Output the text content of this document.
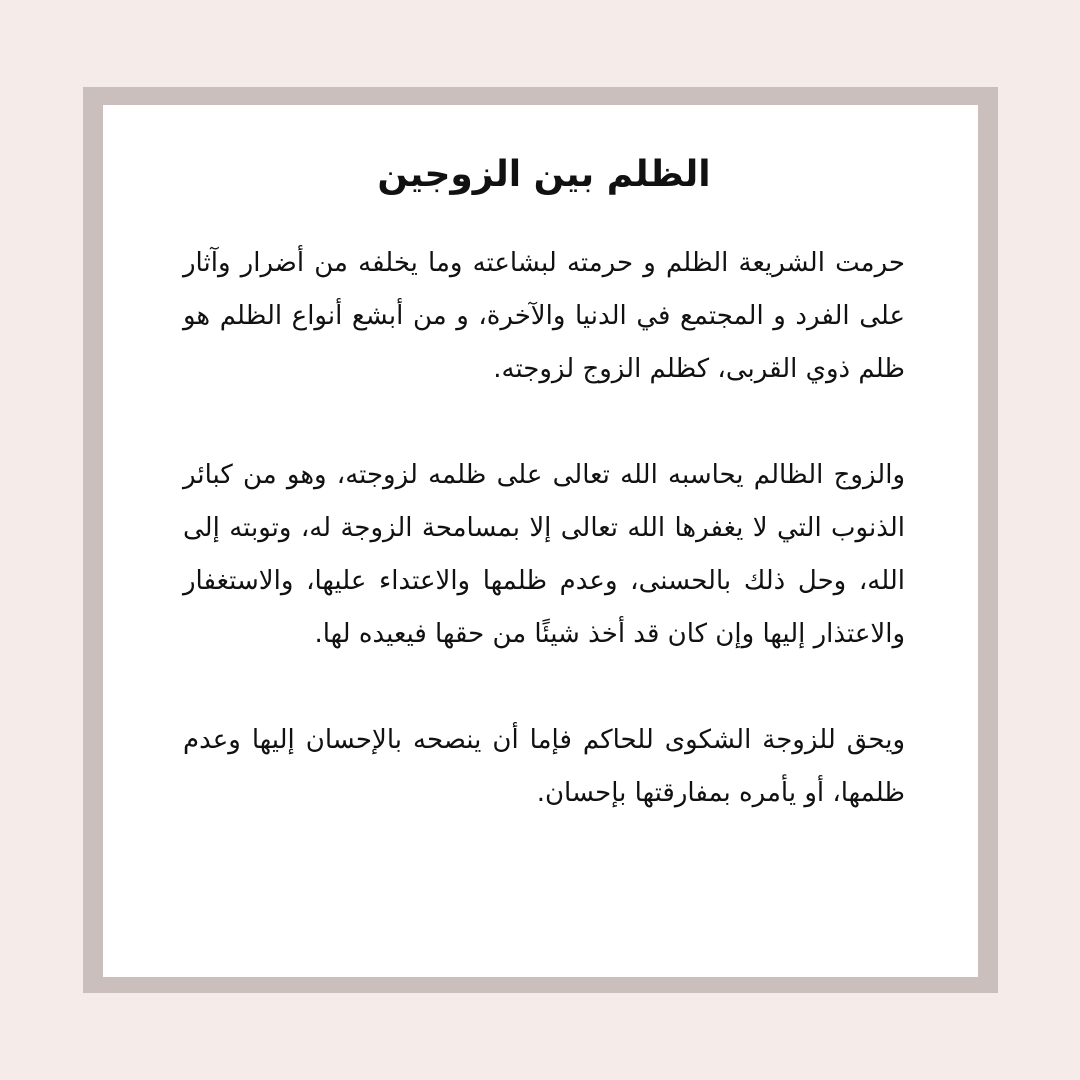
الظلم بين الزوجين

حرمت الشريعة الظلم و حرمته لبشاعته وما يخلفه من أضرار وآثار على الفرد و المجتمع في الدنيا والآخرة، و من أبشع أنواع الظلم هو ظلم ذوي القربى، كظلم الزوج لزوجته.

والزوج الظالم يحاسبه الله تعالى على ظلمه لزوجته، وهو من كبائر الذنوب التي لا يغفرها الله تعالى إلا بمسامحة الزوجة له، وتوبته إلى الله، وحل ذلك بالحسنى، وعدم ظلمها والاعتداء عليها، والاستغفار والاعتذار إليها وإن كان قد أخذ شيئًا من حقها فيعيده لها.

ويحق للزوجة الشكوى للحاكم فإما أن ينصحه بالإحسان إليها وعدم ظلمها، أو يأمره بمفارقتها بإحسان.
